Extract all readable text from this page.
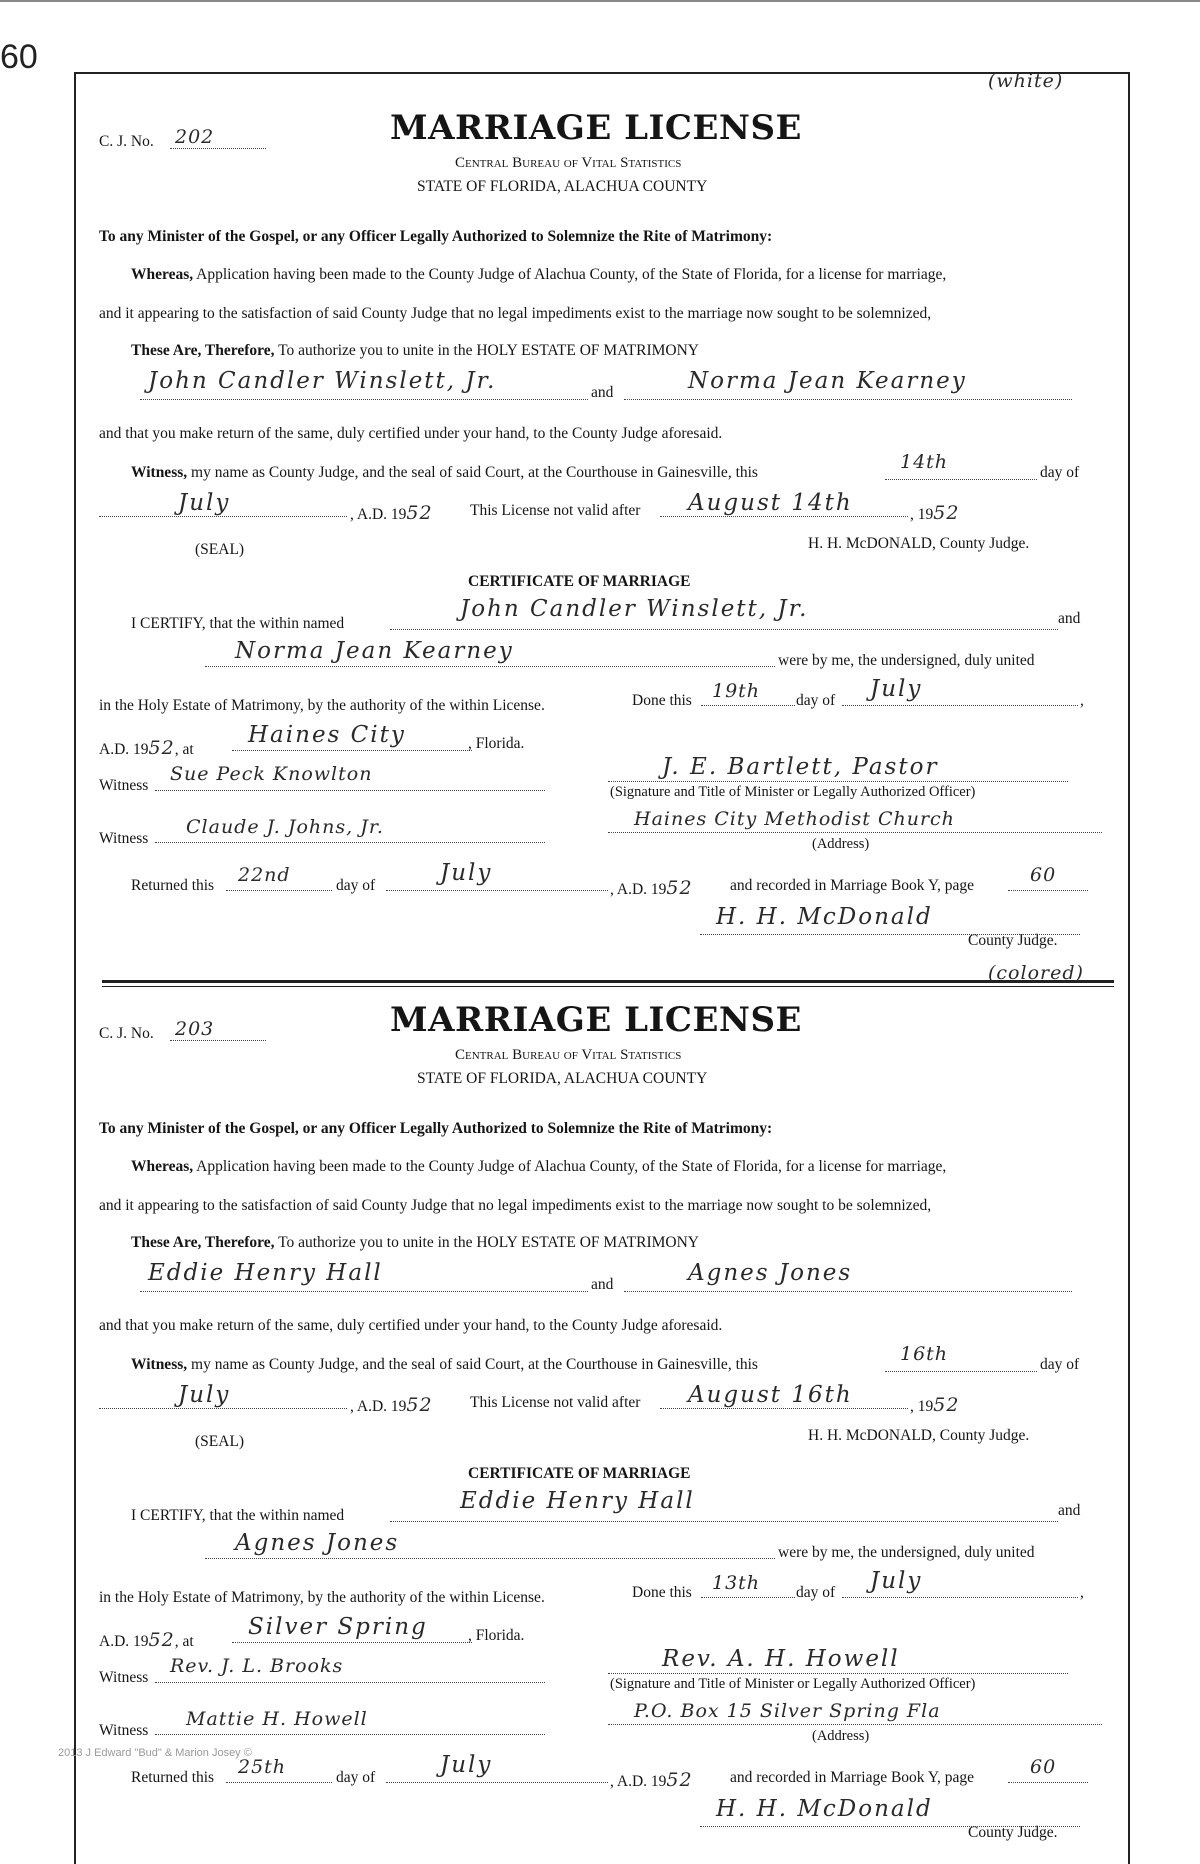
60
(white)
C. J. No. 202	MARRIAGE LICENSE
Central Bureau of Vital Statistics
STATE OF FLORIDA, ALACHUA COUNTY
To any Minister of the Gospel, or any Officer Legally Authorized to Solemnize the Rite of Matrimony:
Whereas, Application having been made to the County Judge of Alachua County, of the State of Florida, for a license for marriage,
and it appearing to the satisfaction of said County Judge that no legal impediments exist to the marriage now sought to be solemnized,
These Are, Therefore, To authorize you to unite in the HOLY ESTATE OF MATRIMONY
John Candler Winslett, Jr.	and	Norma Jean Kearney
and that you make return of the same, duly certified under your hand, to the County Judge aforesaid.
Witness, my name as County Judge, and the seal of said Court, at the Courthouse in Gainesville, this	14th	day of
July	, A.D. 1952 This License not valid after August 14th	, 1952
(SEAL)	H. H. McDONALD, County Judge.
CERTIFICATE OF MARRIAGE
I CERTIFY, that the within named
John Candler Winslett, Jr.	and
Norma Jean Kearney	were by me, the undersigned, duly united
in the Holy Estate of Matrimony, by the authority of the within License.	Done this 19th day of July	,
A.D. 1952, at
Haines City	, Florida.
Witness
Sue Peck Knowlton	J. E. Bartlett, Pastor
(Signature and Title of Minister or Legally Authorized Officer)
Witness
Claude J. Johns, Jr.	Haines City Methodist Church
(Address)
Returned this 22nd	day of	July
, A.D. 1952 and recorded in Marriage Book Y, page	60
H. H. McDonald
County Judge.
(colored)
C. J. No. 203	MARRIAGE LICENSE
Central Bureau of Vital Statistics
STATE OF FLORIDA, ALACHUA COUNTY
To any Minister of the Gospel, or any Officer Legally Authorized to Solemnize the Rite of Matrimony:
Whereas, Application having been made to the County Judge of Alachua County, of the State of Florida, for a license for marriage,
and it appearing to the satisfaction of said County Judge that no legal impediments exist to the marriage now sought to be solemnized,
These Are, Therefore, To authorize you to unite in the HOLY ESTATE OF MATRIMONY
Eddie Henry Hall	and	Agnes Jones
and that you make return of the same, duly certified under your hand, to the County Judge aforesaid.
Witness, my name as County Judge, and the seal of said Court, at the Courthouse in Gainesville, this	16th	day of
July	, A.D. 1952 This License not valid after August 16th	, 1952
(SEAL)	H. H. McDONALD, County Judge.
CERTIFICATE OF MARRIAGE
I CERTIFY, that the within named
Eddie Henry Hall	and
Agnes Jones	were by me, the undersigned, duly united
in the Holy Estate of Matrimony, by the authority of the within License.	Done this 13th day of July	,
A.D. 1952, at
Silver Spring	, Florida.
Witness
Rev. J. L. Brooks	Rev. A. H. Howell
(Signature and Title of Minister or Legally Authorized Officer)
Witness
Mattie H. Howell	P.O. Box 15 Silver Spring Fla
(Address)
Returned this 25th	day of	July
, A.D. 1952 and recorded in Marriage Book Y, page	60
H. H. McDonald
County Judge.
2013 J Edward "Bud" & Marion Josey ©
